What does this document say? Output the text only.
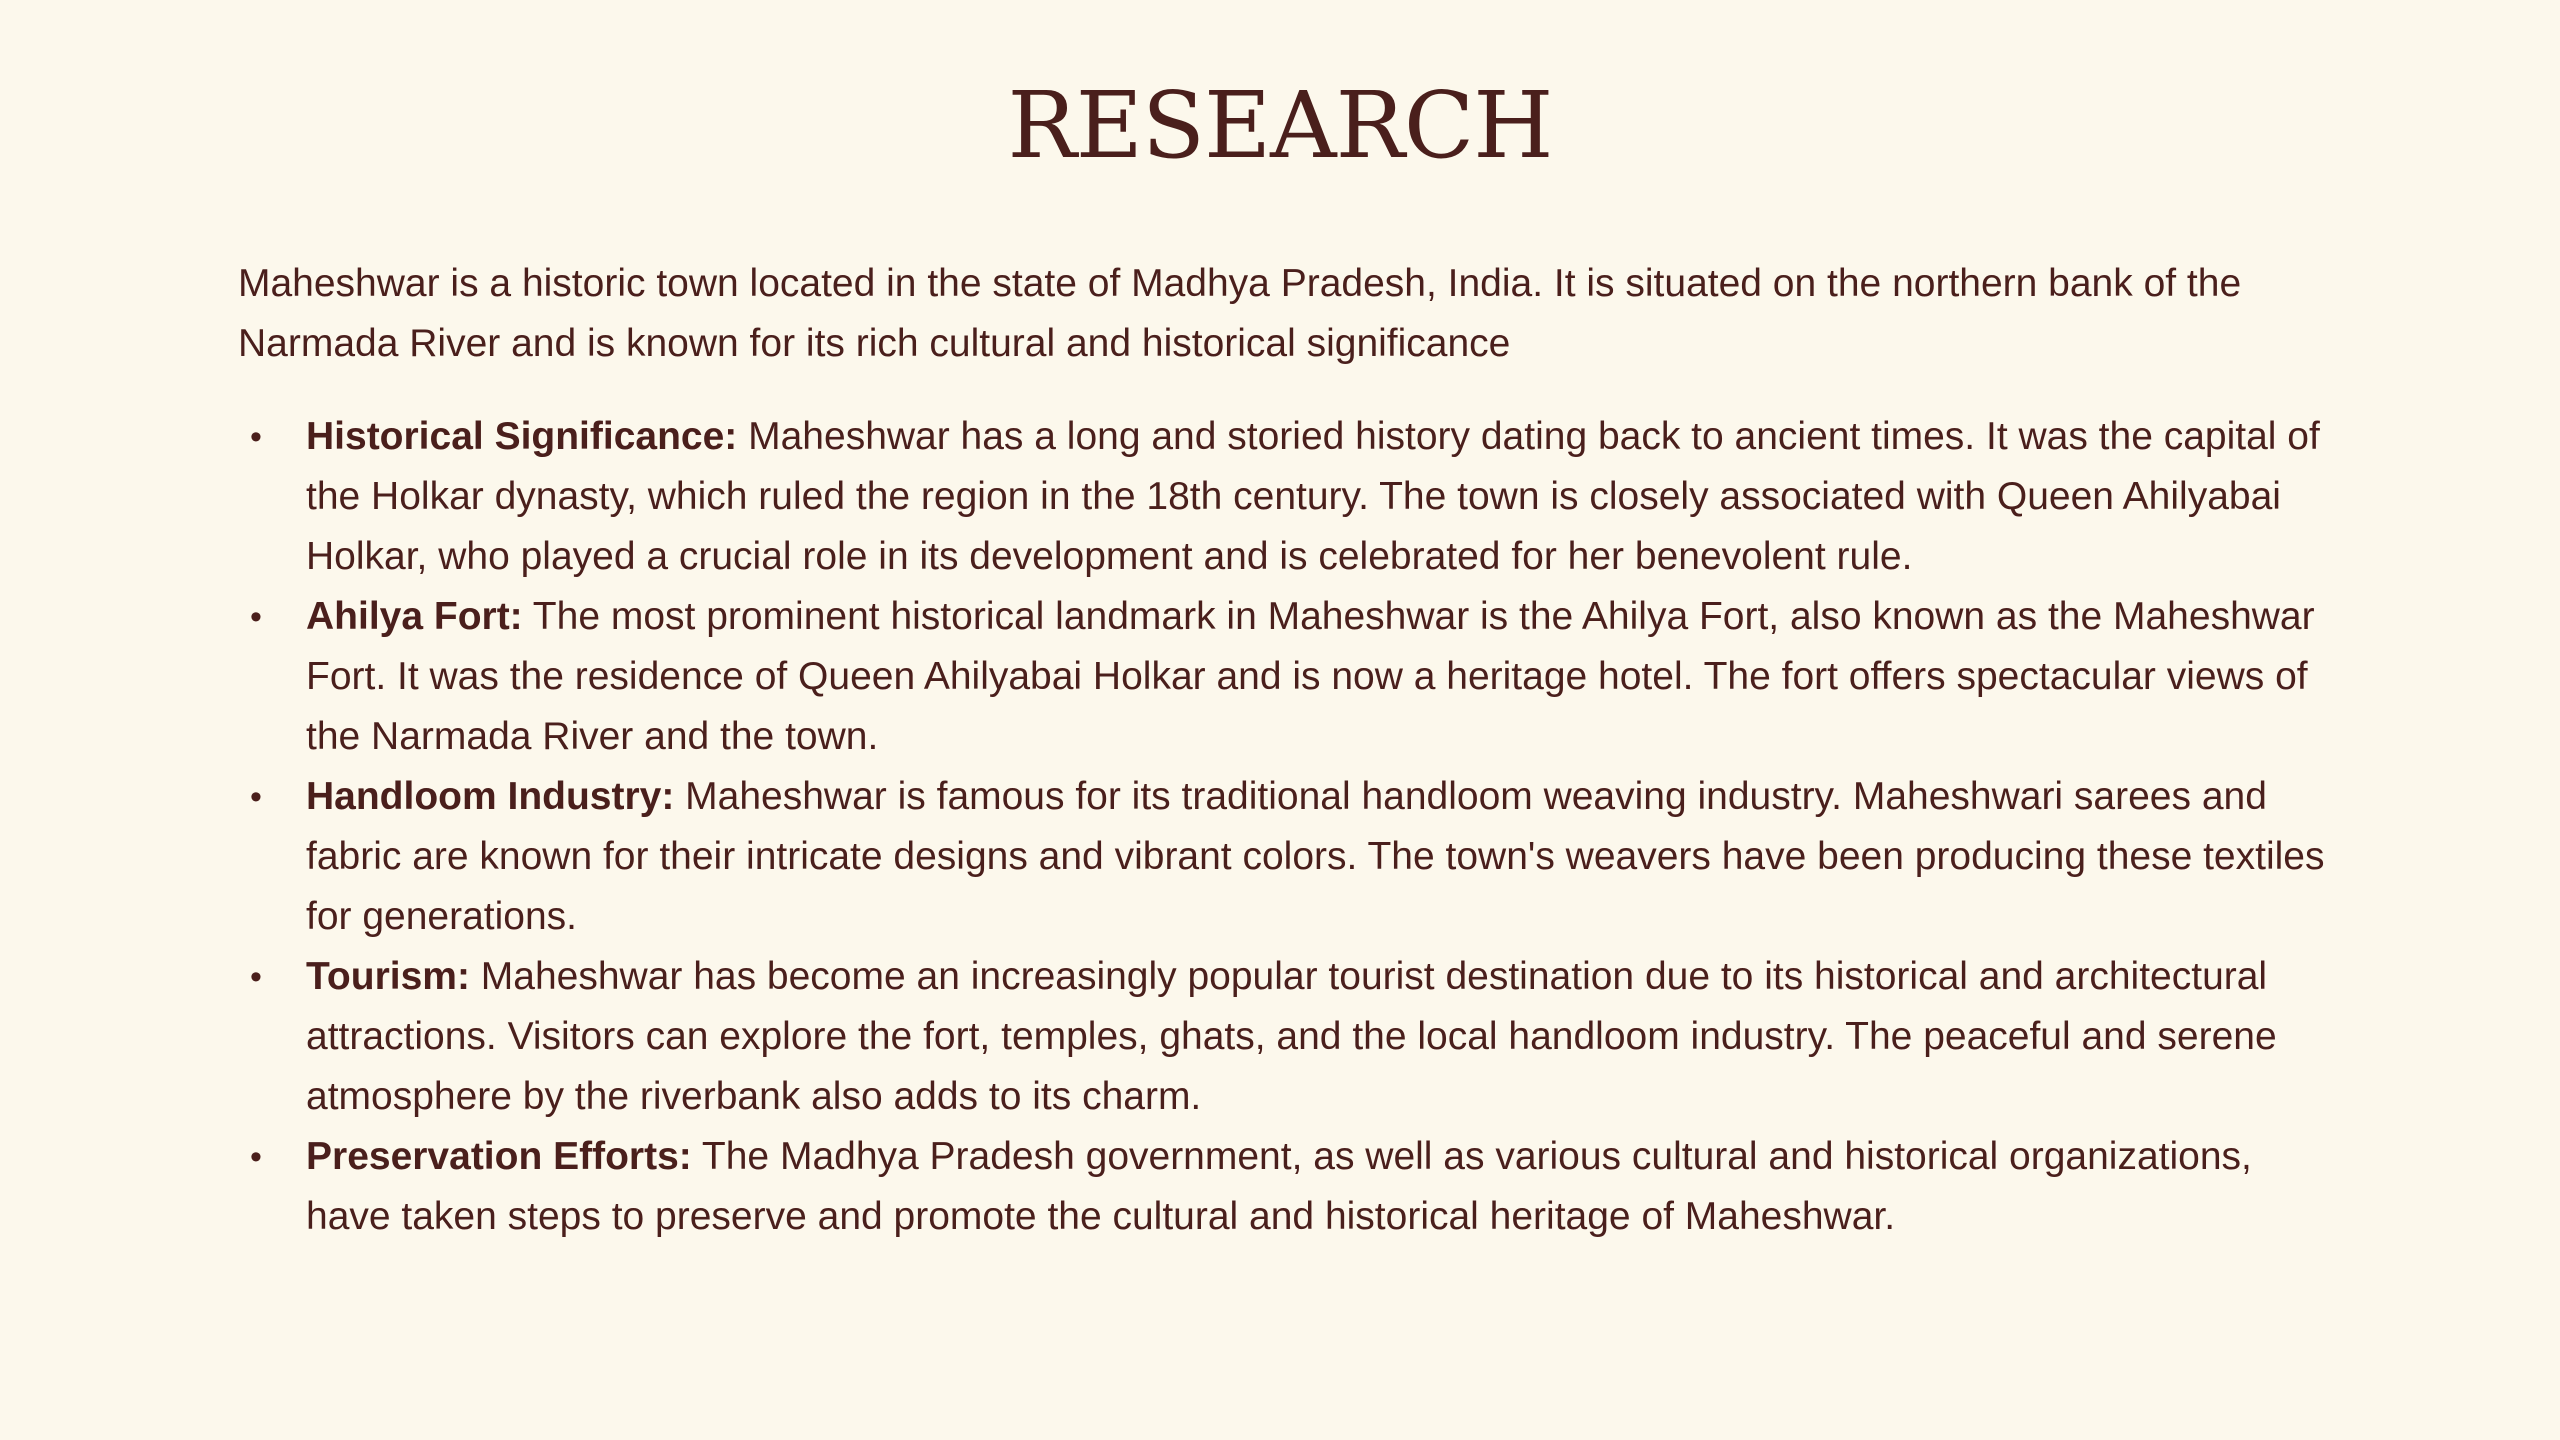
RESEARCH

Maheshwar is a historic town located in the state of Madhya Pradesh, India. It is situated on the northern bank of the Narmada River and is known for its rich cultural and historical significance

•	Historical Significance: Maheshwar has a long and storied history dating back to ancient times. It was the capital of the Holkar dynasty, which ruled the region in the 18th century. The town is closely associated with Queen Ahilyabai Holkar, who played a crucial role in its development and is celebrated for her benevolent rule.
•	Ahilya Fort: The most prominent historical landmark in Maheshwar is the Ahilya Fort, also known as the Maheshwar Fort. It was the residence of Queen Ahilyabai Holkar and is now a heritage hotel. The fort offers spectacular views of the Narmada River and the town.
•	Handloom Industry: Maheshwar is famous for its traditional handloom weaving industry. Maheshwari sarees and fabric are known for their intricate designs and vibrant colors. The town's weavers have been producing these textiles for generations.
•	Tourism: Maheshwar has become an increasingly popular tourist destination due to its historical and architectural attractions. Visitors can explore the fort, temples, ghats, and the local handloom industry. The peaceful and serene atmosphere by the riverbank also adds to its charm.
•	Preservation Efforts: The Madhya Pradesh government, as well as various cultural and historical organizations, have taken steps to preserve and promote the cultural and historical heritage of Maheshwar.
